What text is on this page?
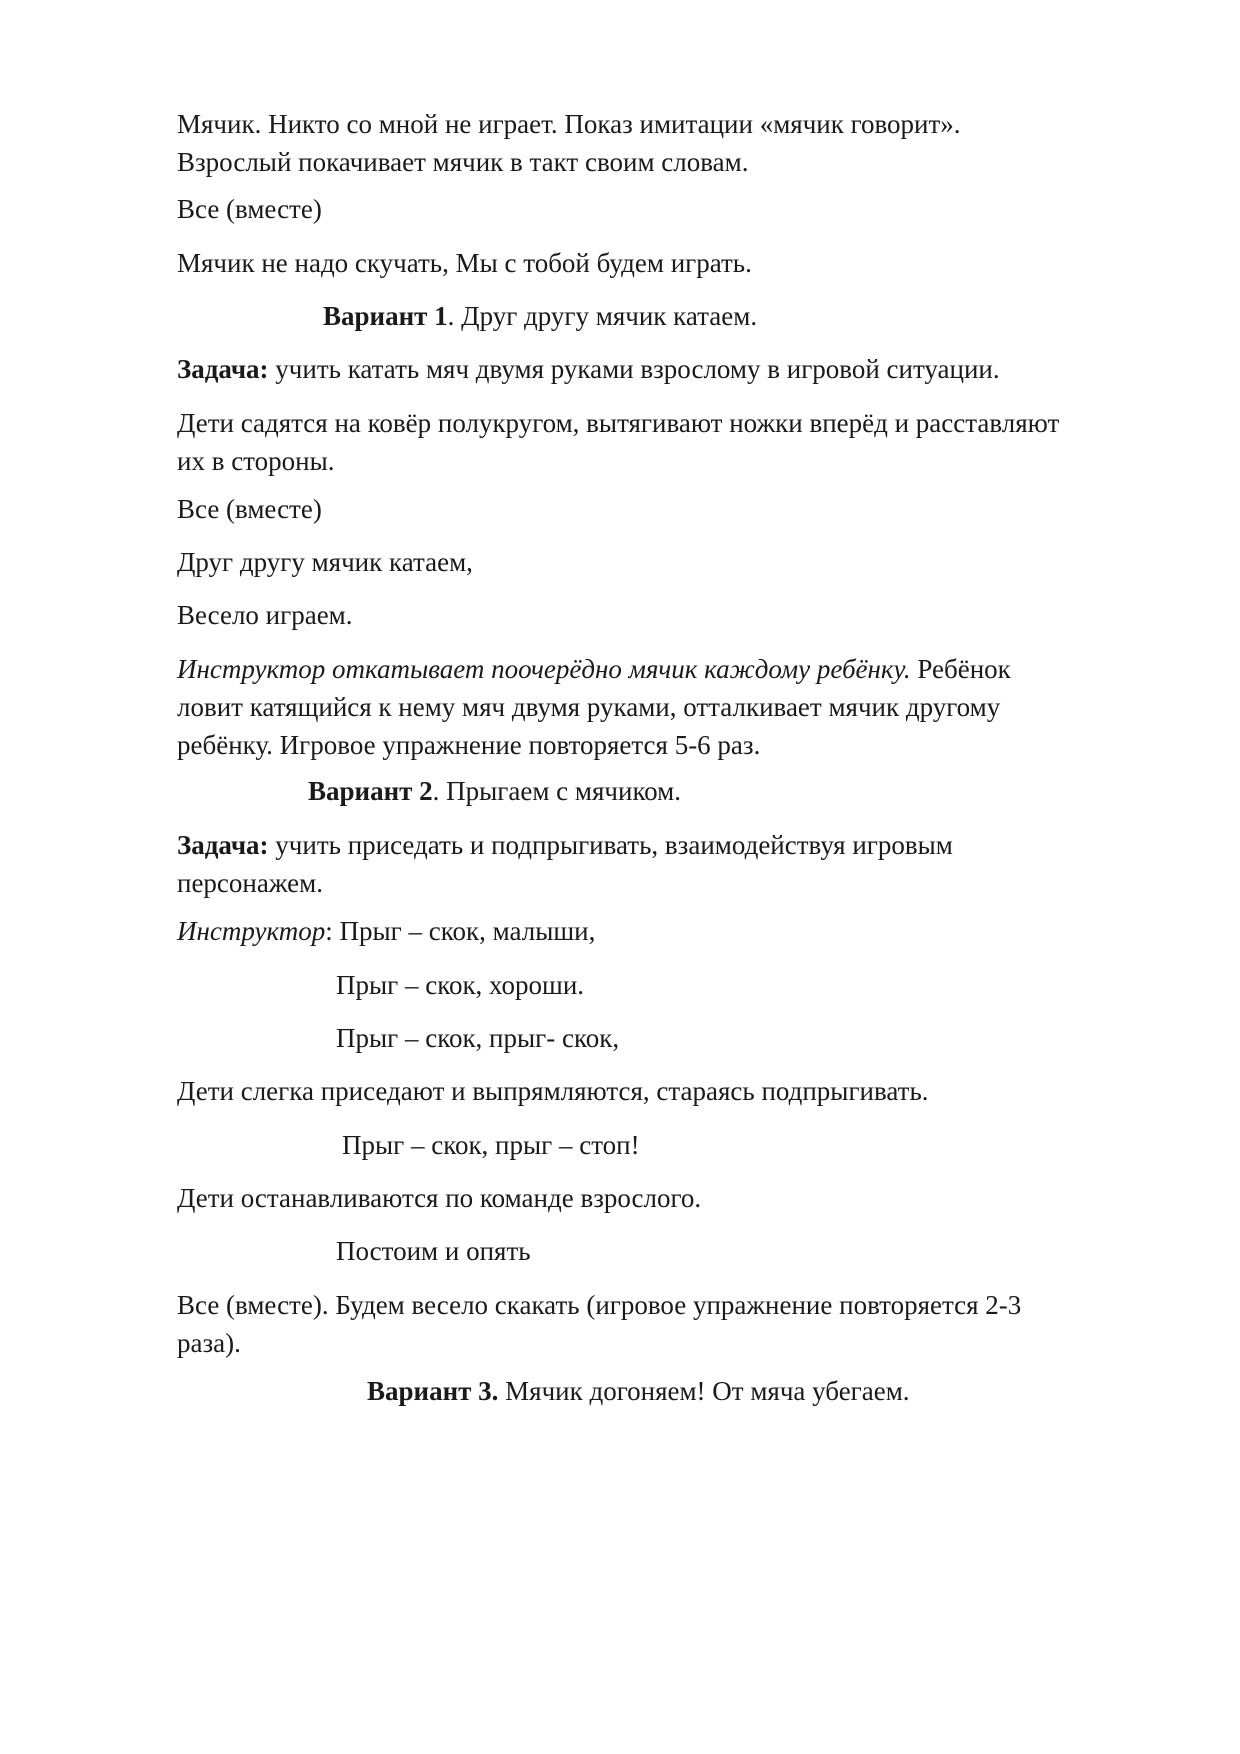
Мячик. Никто со мной не играет. Показ имитации «мячик говорит».
Взрослый покачивает мячик в такт своим словам.

Все (вместе)

Мячик не надо скучать, Мы с тобой будем играть.

Вариант 1. Друг другу мячик катаем.

Задача: учить катать мяч двумя руками взрослому в игровой ситуации.

Дети садятся на ковёр полукругом, вытягивают ножки вперёд и расставляют
их в стороны.

Все (вместе)

Друг другу мячик катаем,

Весело играем.

Инструктор откатывает поочерёдно мячик каждому ребёнку. Ребёнок
ловит катящийся к нему мяч двумя руками, отталкивает мячик другому
ребёнку. Игровое упражнение повторяется 5-6 раз.

Вариант 2. Прыгаем с мячиком.

Задача: учить приседать и подпрыгивать, взаимодействуя игровым
персонажем.

Инструктор: Прыг – скок, малыши,

Прыг – скок, хороши.

Прыг – скок, прыг- скок,

Дети слегка приседают и выпрямляются, стараясь подпрыгивать.

Прыг – скок, прыг – стоп!

Дети останавливаются по команде взрослого.

Постоим и опять

Все (вместе). Будем весело скакать (игровое упражнение повторяется 2-3
раза).

Вариант 3. Мячик догоняем! От мяча убегаем.
